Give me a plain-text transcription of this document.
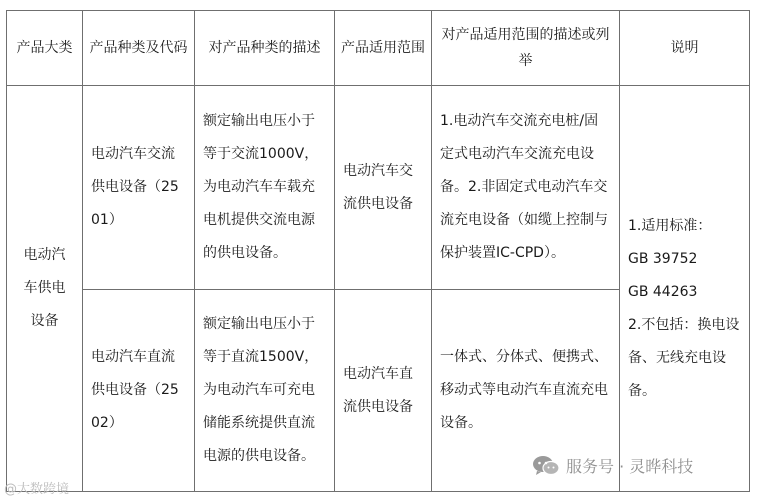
产品大类	产品种类及代码	对产品种类的描述	产品适用范围	对产品适用范围的描述或列举	说明
电动汽车供电设备	电动汽车交流供电设备（2501）	额定输出电压小于等于交流1000V，为电动汽车车载充电机提供交流电源的供电设备。	电动汽车交流供电设备	1.电动汽车交流充电桩/固定式电动汽车交流充电设备。2.非固定式电动汽车交流充电设备（如缆上控制与保护装置IC-CPD）。	1.适用标准：
GB 39752
GB 44263
2.不包括：换电设备、无线充电设备。

	电动汽车直流供电设备（2502）	额定输出电压小于等于直流1500V，为电动汽车可充电储能系统提供直流电源的供电设备。	电动汽车直流供电设备	一体式、分体式、便携式、移动式等电动汽车直流充电设备。	
@大数跨境
服务号 · 灵晔科技
